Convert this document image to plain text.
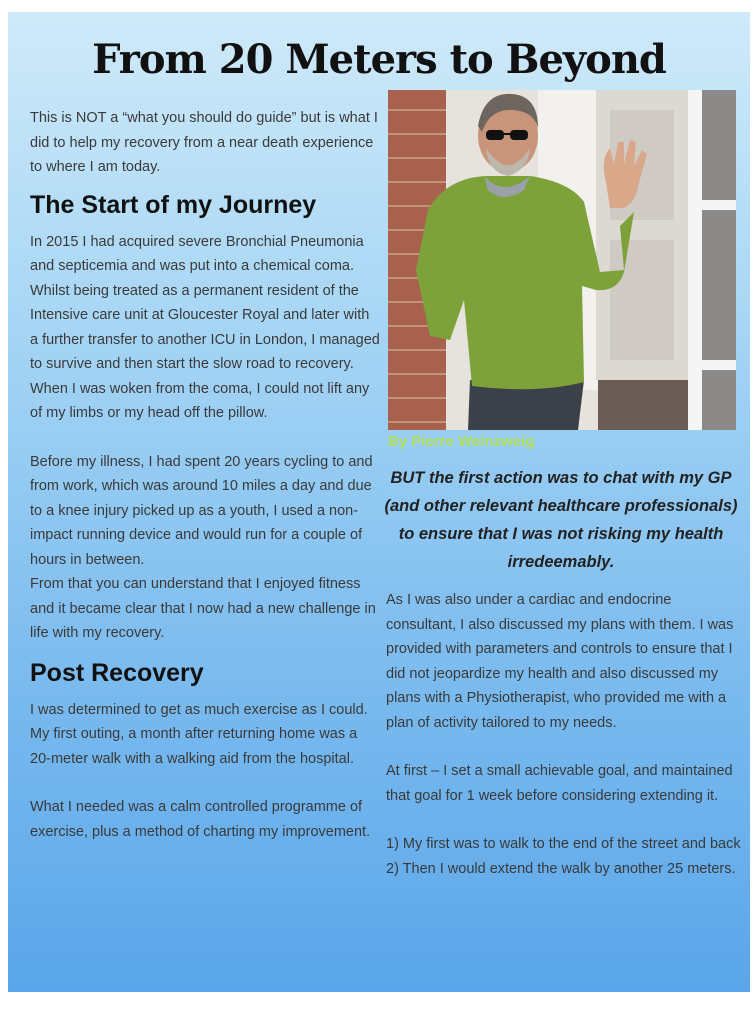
From 20 Meters to Beyond

This is NOT a “what you should do guide” but is what I did to help my recovery from a near death experience to where I am today.

The Start of my Journey

In 2015 I had acquired severe Bronchial Pneumonia and septicemia and was put into a chemical coma. Whilst being treated as a permanent resident of the Intensive care unit at Gloucester Royal and later with a further transfer to another ICU in London, I managed to survive and then start the slow road to recovery. When I was woken from the coma, I could not lift any of my limbs or my head off the pillow.

Before my illness, I had spent 20 years cycling to and from work, which was around 10 miles a day and due to a knee injury picked up as a youth, I used a non-impact running device and would run for a couple of hours in between.

From that you can understand that I enjoyed fitness and it became clear that I now had a new challenge in life with my recovery.

Post Recovery

I was determined to get as much exercise as I could. My first outing, a month after returning home was a 20-meter walk with a walking aid from the hospital.

What I needed was a calm controlled programme of exercise, plus a method of charting my improvement.

By Pierre Weinzweig
BUT the first action was to chat with my GP (and other relevant healthcare professionals) to ensure that I was not risking my health irredeemably.

As I was also under a cardiac and endocrine consultant, I also discussed my plans with them. I was provided with parameters and controls to ensure that I did not jeopardize my health and also discussed my plans with a Physiotherapist, who provided me with a plan of activity tailored to my needs.

At first – I set a small achievable goal, and maintained that goal for 1 week before considering extending it.

1) My first was to walk to the end of the street and back

2) Then I would extend the walk by another 25 meters.
